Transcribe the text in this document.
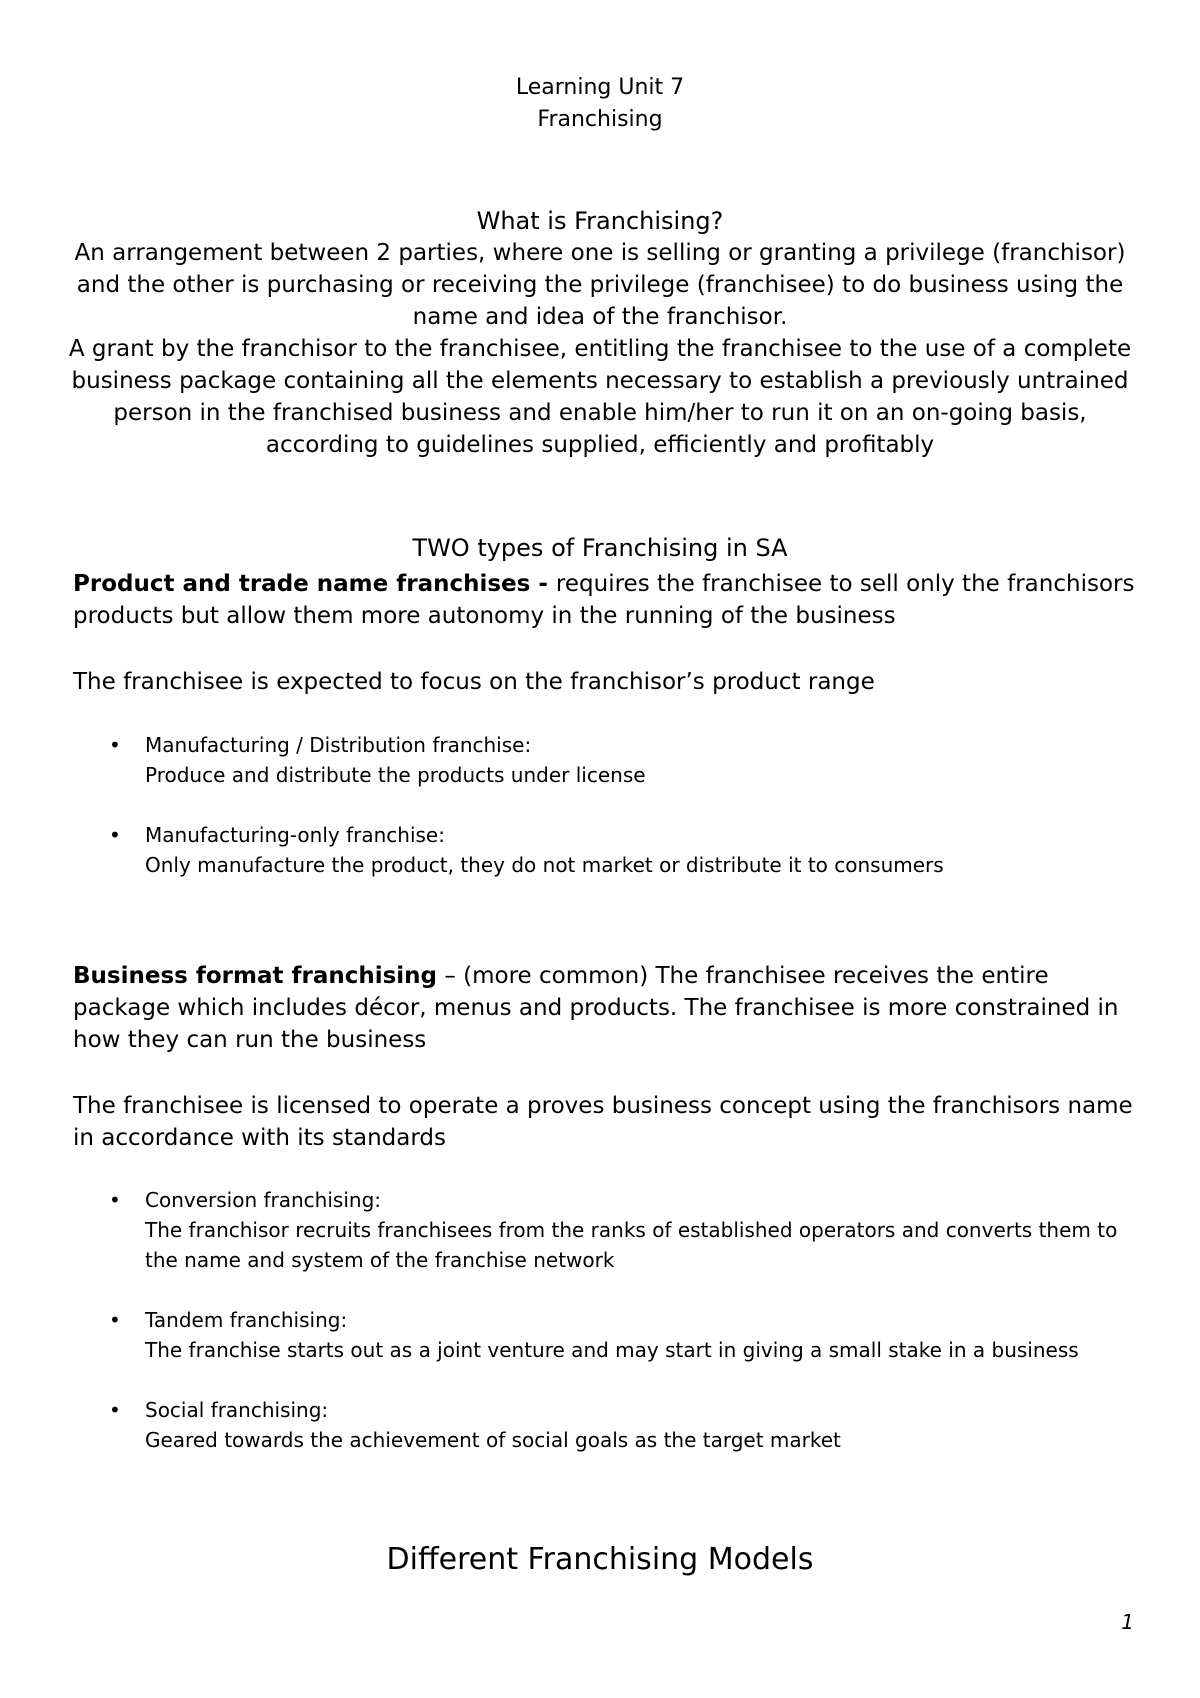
Learning Unit 7
Franchising
What is Franchising?
An arrangement between 2 parties, where one is selling or granting a privilege (franchisor) and the other is purchasing or receiving the privilege (franchisee) to do business using the name and idea of the franchisor.
A grant by the franchisor to the franchisee, entitling the franchisee to the use of a complete business package containing all the elements necessary to establish a previously untrained person in the franchised business and enable him/her to run it on an on-going basis, according to guidelines supplied, efficiently and profitably
TWO types of Franchising in SA
Product and trade name franchises - requires the franchisee to sell only the franchisors products but allow them more autonomy in the running of the business
The franchisee is expected to focus on the franchisor’s product range
• Manufacturing / Distribution franchise:
Produce and distribute the products under license
• Manufacturing-only franchise:
Only manufacture the product, they do not market or distribute it to consumers
Business format franchising – (more common) The franchisee receives the entire package which includes décor, menus and products. The franchisee is more constrained in how they can run the business
The franchisee is licensed to operate a proves business concept using the franchisors name in accordance with its standards
• Conversion franchising:
The franchisor recruits franchisees from the ranks of established operators and converts them to the name and system of the franchise network
• Tandem franchising:
The franchise starts out as a joint venture and may start in giving a small stake in a business
• Social franchising:
Geared towards the achievement of social goals as the target market
Different Franchising Models
1
